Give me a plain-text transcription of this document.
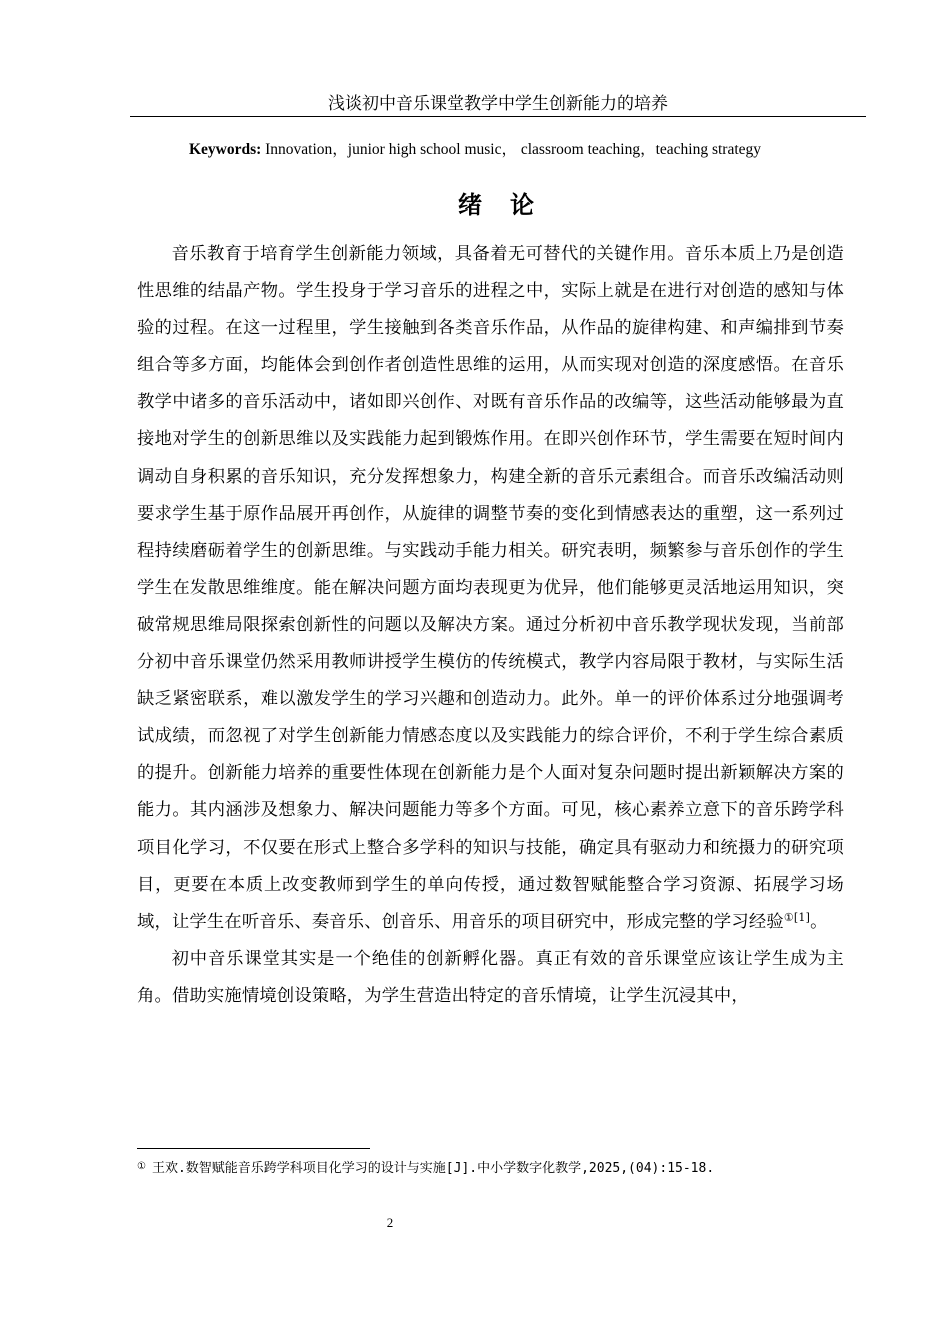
浅谈初中音乐课堂教学中学生创新能力的培养
Keywords: Innovation，junior high school music， classroom teaching，teaching strategy
绪　论

音乐教育于培育学生创新能力领域，具备着无可替代的关键作用。音乐本质上乃是创造性思维的结晶产物。学生投身于学习音乐的进程之中，实际上就是在进行对创造的感知与体验的过程。在这一过程里，学生接触到各类音乐作品，从作品的旋律构建、和声编排到节奏组合等多方面，均能体会到创作者创造性思维的运用，从而实现对创造的深度感悟。在音乐教学中诸多的音乐活动中，诸如即兴创作、对既有音乐作品的改编等，这些活动能够最为直接地对学生的创新思维以及实践能力起到锻炼作用。在即兴创作环节，学生需要在短时间内调动自身积累的音乐知识，充分发挥想象力，构建全新的音乐元素组合。而音乐改编活动则要求学生基于原作品展开再创作，从旋律的调整节奏的变化到情感表达的重塑，这一系列过程持续磨砺着学生的创新思维。与实践动手能力相关。研究表明，频繁参与音乐创作的学生学生在发散思维维度。能在解决问题方面均表现更为优异，他们能够更灵活地运用知识，突破常规思维局限探索创新性的问题以及解决方案。通过分析初中音乐教学现状发现，当前部分初中音乐课堂仍然采用教师讲授学生模仿的传统模式，教学内容局限于教材，与实际生活缺乏紧密联系，难以激发学生的学习兴趣和创造动力。此外。单一的评价体系过分地强调考试成绩，而忽视了对学生创新能力情感态度以及实践能力的综合评价，不利于学生综合素质的提升。创新能力培养的重要性体现在创新能力是个人面对复杂问题时提出新颖解决方案的能力。其内涵涉及想象力、解决问题能力等多个方面。可见，核心素养立意下的音乐跨学科项目化学习，不仅要在形式上整合多学科的知识与技能，确定具有驱动力和统摄力的研究项目，更要在本质上改变教师到学生的单向传授，通过数智赋能整合学习资源、拓展学习场域，让学生在听音乐、奏音乐、创音乐、用音乐的项目研究中，形成完整的学习经验$^{①[1]}$。

初中音乐课堂其实是一个绝佳的创新孵化器。真正有效的音乐课堂应该让学生成为主角。借助实施情境创设策略，为学生营造出特定的音乐情境，让学生沉浸其中，

① 王欢.数智赋能音乐跨学科项目化学习的设计与实施[J].中小学数字化教学,2025,(04):15-18.
2
